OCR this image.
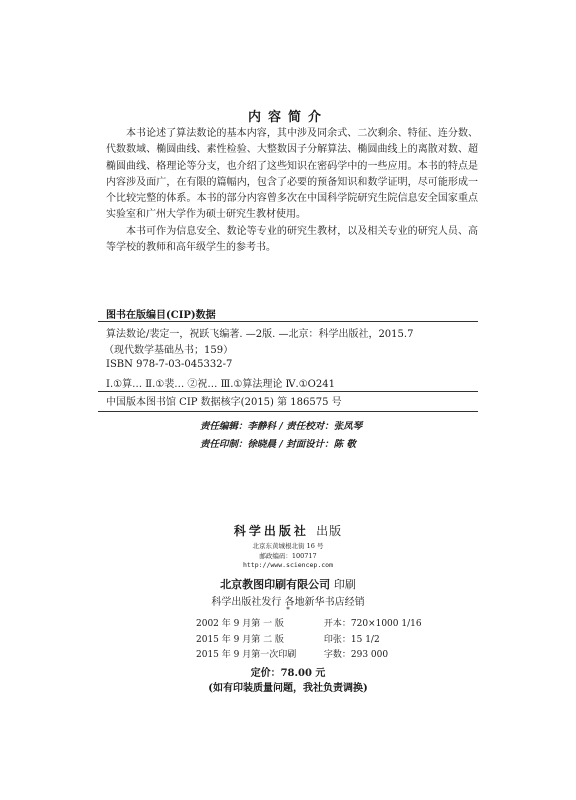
内容简介

本书论述了算法数论的基本内容，其中涉及同余式、二次剩余、特征、连分数、代数数域、椭圆曲线、素性检验、大整数因子分解算法、椭圆曲线上的离散对数、超椭圆曲线、格理论等分支，也介绍了这些知识在密码学中的一些应用。本书的特点是内容涉及面广，在有限的篇幅内，包含了必要的预备知识和数学证明，尽可能形成一个比较完整的体系。本书的部分内容曾多次在中国科学院研究生院信息安全国家重点实验室和广州大学作为硕士研究生教材使用。

本书可作为信息安全、数论等专业的研究生教材，以及相关专业的研究人员、高等学校的教师和高年级学生的参考书。

图书在版编目(CIP)数据
算法数论/裴定一，祝跃飞编著. —2版. —北京：科学出版社，2015.7
（现代数学基础丛书；159）
ISBN 978-7-03-045332-7
Ⅰ.①算… Ⅱ.①裴… ②祝… Ⅲ.①算法理论 Ⅳ.①O241
中国版本图书馆 CIP 数据核字(2015) 第 186575 号
责任编辑：李静科 / 责任校对：张凤琴
责任印制：徐晓晨 / 封面设计：陈 敬
科学出版社 出版
北京东黄城根北街 16 号
邮政编码：100717
http://www.sciencep.com
北京教图印刷有限公司 印刷
科学出版社发行 各地新华书店经销
*
2002 年 9 月第 一 版	开本：720×1000 1/16
2015 年 9 月第 二 版	印张：15 1/2
2015 年 9 月第一次印刷	字数：293 000
定价：78.00 元
(如有印装质量问题，我社负责调换)
